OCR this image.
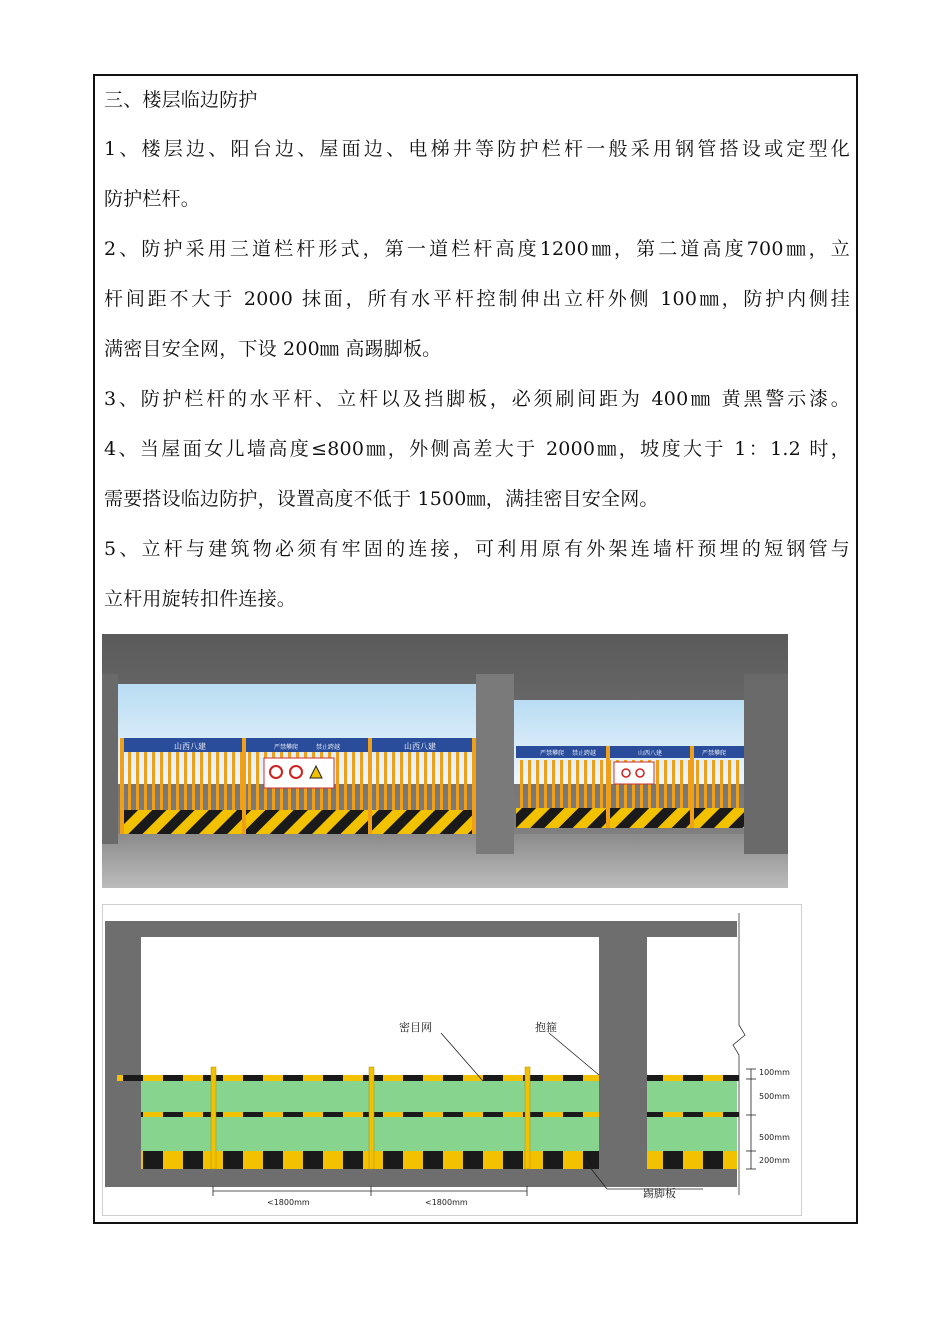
三、楼层临边防护
1、楼层边、阳台边、屋面边、电梯井等防护栏杆一般采用钢管搭设或定型化
防护栏杆。
2、防护采用三道栏杆形式，第一道栏杆高度1200㎜，第二道高度700㎜，立
杆间距不大于 2000 抹面，所有水平杆控制伸出立杆外侧 100㎜，防护内侧挂
满密目安全网，下设 200㎜ 高踢脚板。
3、防护栏杆的水平杆、立杆以及挡脚板，必须刷间距为 400㎜ 黄黑警示漆。
4、当屋面女儿墙高度≤800㎜，外侧高差大于 2000㎜，坡度大于 1：1.2 时，
需要搭设临边防护，设置高度不低于 1500㎜，满挂密目安全网。
5、立杆与建筑物必须有牢固的连接，可利用原有外架连墙杆预埋的短钢管与
立杆用旋转扣件连接。
山西八建	严禁攀爬	禁止跨越	山西八建
严禁攀爬 禁止跨越	山西八建	严禁攀爬
密目网	抱箍
踢脚板
100mm
500mm
500mm
200mm
<1800mm	<1800mm
